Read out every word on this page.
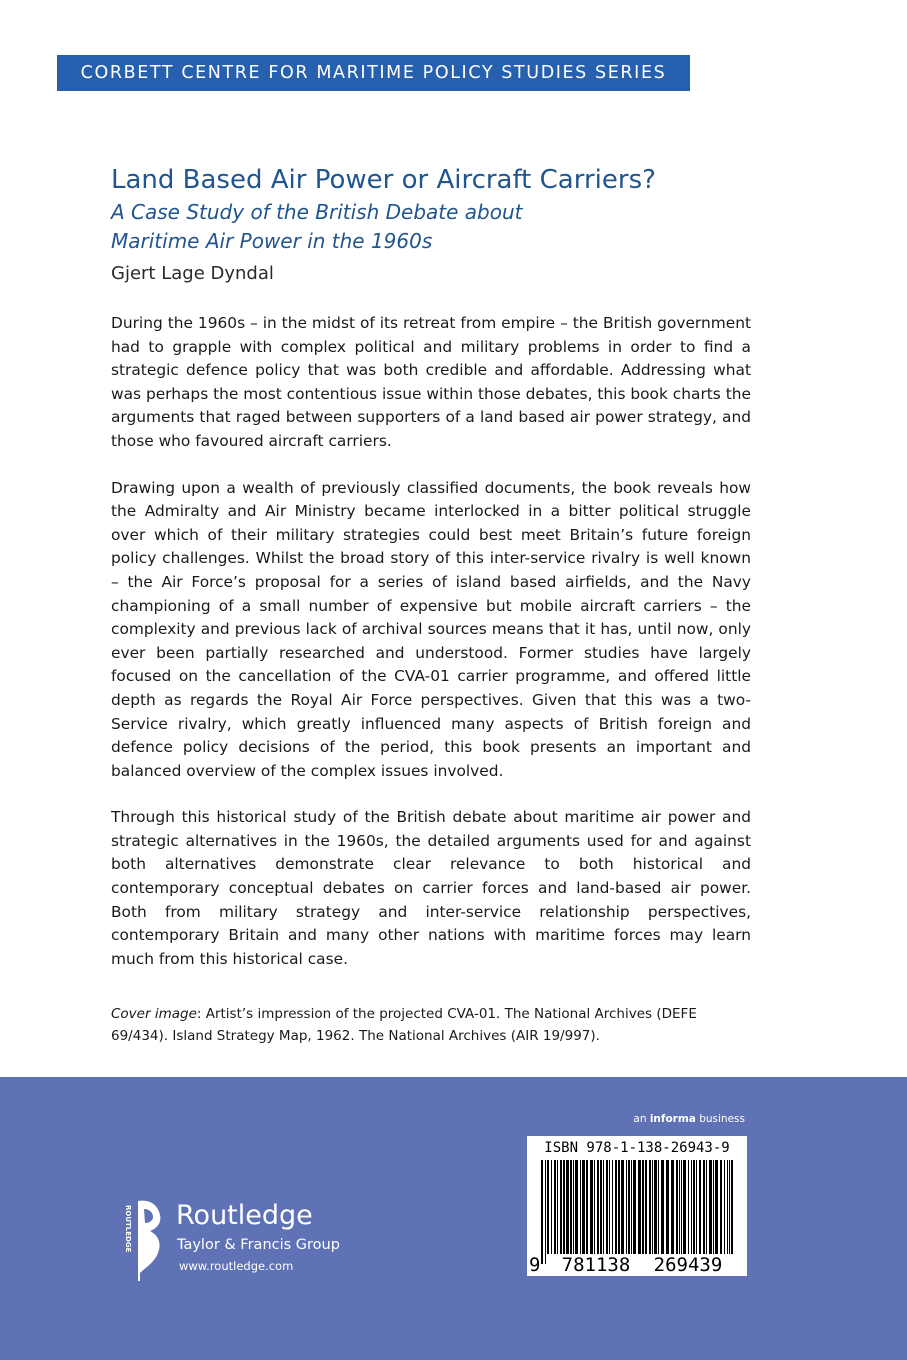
CORBETT CENTRE FOR MARITIME POLICY STUDIES SERIES
Land Based Air Power or Aircraft Carriers?

A Case Study of the British Debate about

Maritime Air Power in the 1960s

Gjert Lage Dyndal

During the 1960s – in the midst of its retreat from empire – the British government had to grapple with complex political and military problems in order to find a strategic defence policy that was both credible and affordable. Addressing what was perhaps the most contentious issue within those debates, this book charts the arguments that raged between supporters of a land based air power strategy, and those who favoured aircraft carriers.

Drawing upon a wealth of previously classified documents, the book reveals how the Admiralty and Air Ministry became interlocked in a bitter political struggle over which of their military strategies could best meet Britain’s future foreign policy challenges. Whilst the broad story of this inter-service rivalry is well known – the Air Force’s proposal for a series of island based airfields, and the Navy championing of a small number of expensive but mobile aircraft carriers – the complexity and previous lack of archival sources means that it has, until now, only ever been partially researched and understood. Former studies have largely focused on the cancellation of the CVA-01 carrier programme, and offered little depth as regards the Royal Air Force perspectives. Given that this was a two-Service rivalry, which greatly influenced many aspects of British foreign and defence policy decisions of the period, this book presents an important and balanced overview of the complex issues involved.

Through this historical study of the British debate about maritime air power and strategic alternatives in the 1960s, the detailed arguments used for and against both alternatives demonstrate clear relevance to both historical and contemporary conceptual debates on carrier forces and land-based air power. Both from military strategy and inter-service relationship perspectives, contemporary Britain and many other nations with maritime forces may learn much from this historical case.

Cover image: Artist’s impression of the projected CVA-01. The National Archives (DEFE 69/434). Island Strategy Map, 1962. The National Archives (AIR 19/997).
an informa business
ROUTLEDGE Routledge
Taylor & Francis Group
www.routledge.com
ISBN 978-1-138-26943-9
9	781138	269439
